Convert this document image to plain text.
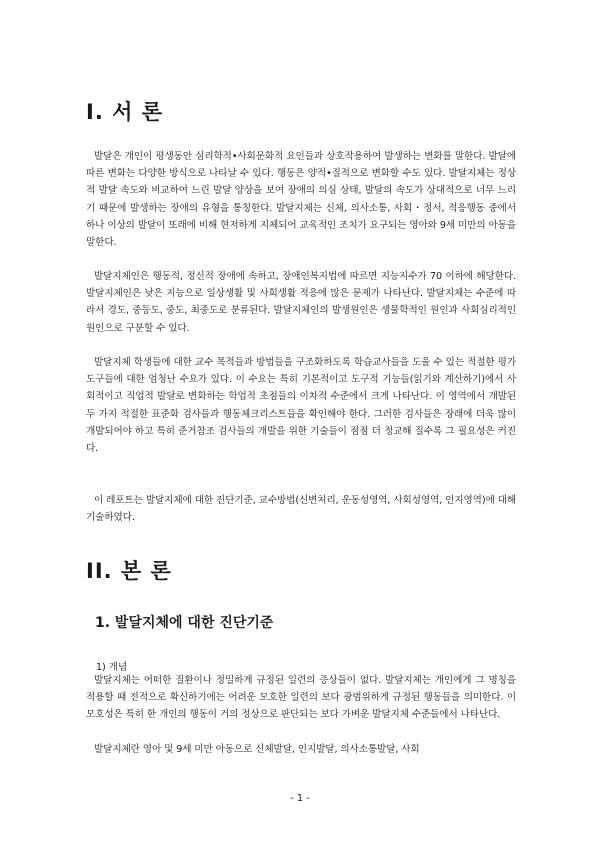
I. 서 론

발달은 개인이 평생동안 심리학적•사회문화적 요인들과 상호작용하여 발생하는 변화를 말한다. 발달에 따른 변화는 다양한 방식으로 나타날 수 있다. 행동은 양적•질적으로 변화할 수도 있다. 발달지체는 정상적 발달 속도와 비교하여 느린 발달 양상을 보여 장애의 의심 상태, 발달의 속도가 상대적으로 너무 느리기 때문에 발생하는 장애의 유형을 통칭한다. 발달지체는 신체, 의사소통, 사회・정서, 적응행동 중에서 하나 이상의 발달이 또래에 비해 현저하게 지체되어 교육적인 조치가 요구되는 영아와 9세 미만의 아동을 말한다.

발달지체인은 행동적, 정신적 장애에 속하고, 장애인복지법에 따르면 지능지수가 70 이하에 해당한다. 발달지체인은 낮은 지능으로 일상생활 및 사회생활 적응에 많은 문제가 나타난다. 발달지체는 수준에 따라서 경도, 중등도, 중도, 최중도로 분류된다. 발달지체인의 발생원인은 생물학적인 원인과 사회심리적인 원인으로 구분할 수 있다.

발달지체 학생들에 대한 교수 목적들과 방법들을 구조화하도록 학습교사들을 도울 수 있는 적절한 평가 도구들에 대한 엄청난 수요가 있다. 이 수요는 특히 기본적이고 도구적 기능들(읽기와 계산하기)에서 사회적이고 직업적 발달로 변화하는 학업적 초점들의 이차적 수준에서 크게 나타난다. 이 영역에서 개발된 두 가지 적절한 표준화 검사들과 행동체크리스트들을 확인해야 한다. 그러한 검사들은 장래에 더욱 많이 개발되어야 하고 특히 준거참조 검사들의 개발을 위한 기술들이 점점 더 정교해 질수록 그 필요성은 커진다.

이 레포트는 발달지체에 대한 진단기준, 교수방법(신변처리, 운동성영역, 사회성영역, 인지영역)에 대해 기술하였다.

II. 본 론
1. 발달지체에 대한 진단기준
1) 개념

발달지체는 어떠한 질환이나 정밀하게 규정된 일련의 증상들이 없다. 발달지체는 개인에게 그 명칭을 적용할 때 전적으로 확신하기에는 어려운 모호한 일련의 보다 광범위하게 규정된 행동들을 의미한다. 이 모호성은 특히 한 개인의 행동이 거의 정상으로 판단되는 보다 가벼운 발달지체 수준들에서 나타난다.

발달지체란 영아 및 9세 미만 아동으로 신체발달, 인지발달, 의사소통발달, 사회

- 1 -
